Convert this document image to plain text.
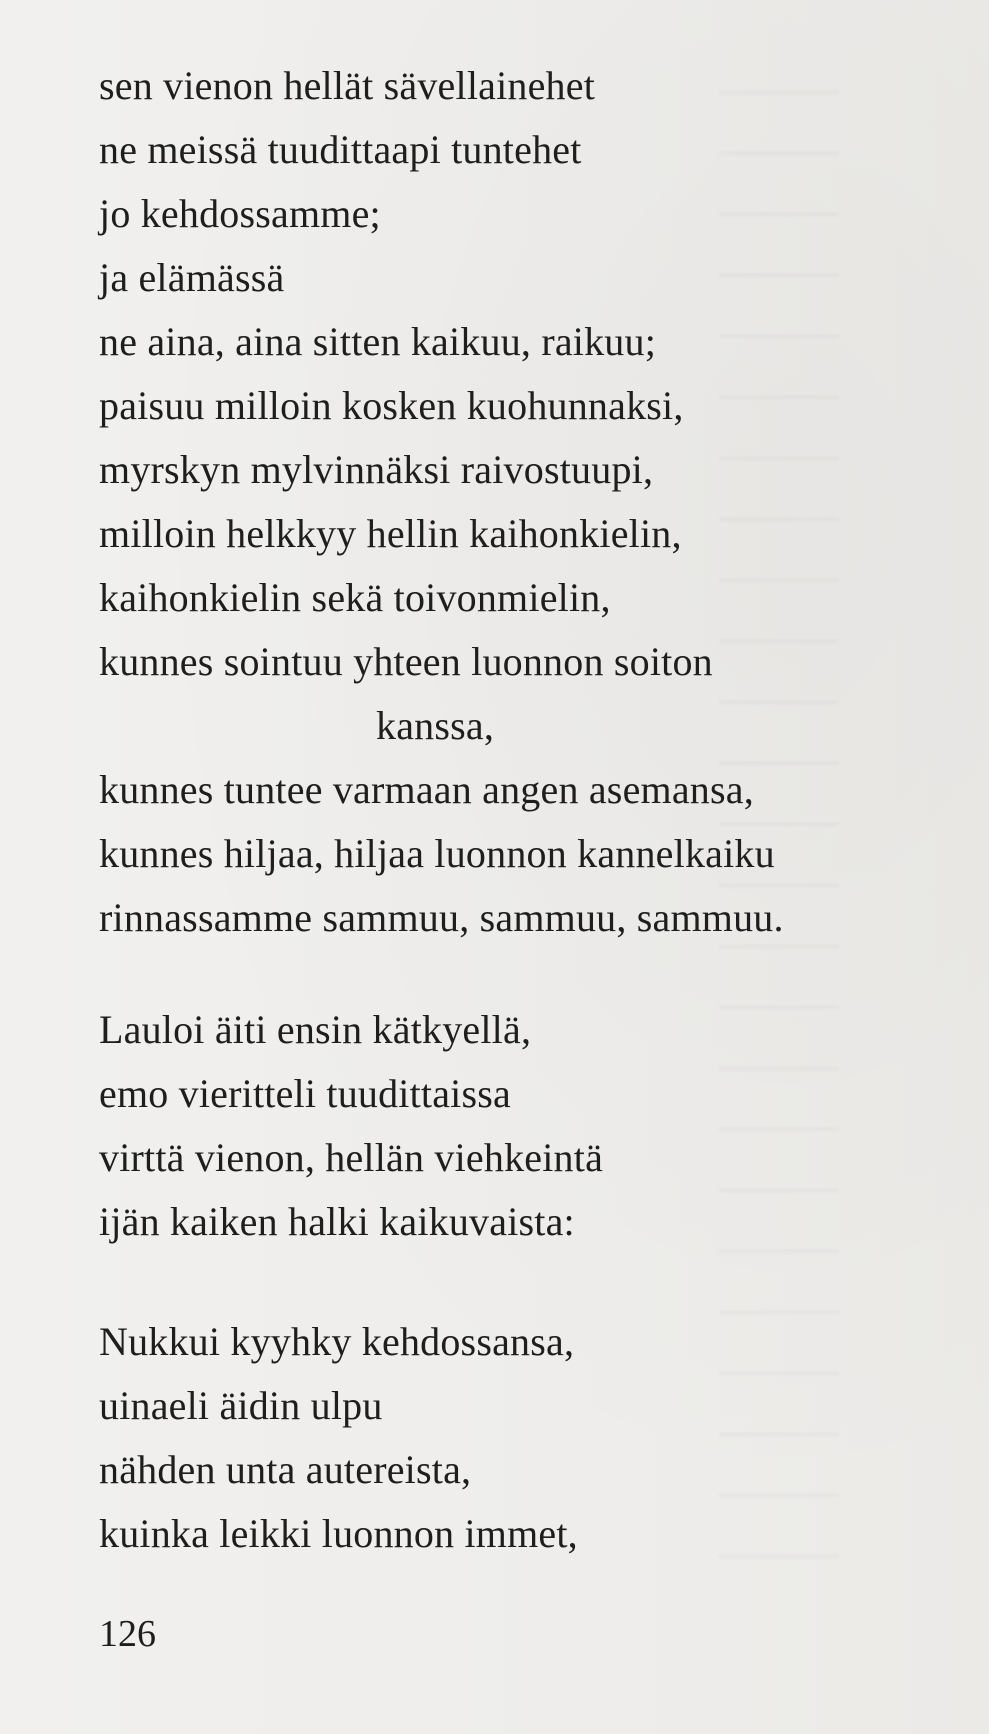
sen vienon hellät sävellainehet
ne meissä tuudittaapi tuntehet
jo kehdossamme;
ja elämässä
ne aina, aina sitten kaikuu, raikuu;
paisuu milloin kosken kuohunnaksi,
myrskyn mylvinnäksi raivostuupi,
milloin helkkyy hellin kaihonkielin,
kaihonkielin sekä toivonmielin,
kunnes sointuu yhteen luonnon soiton
kanssa,
kunnes tuntee varmaan angen asemansa,
kunnes hiljaa, hiljaa luonnon kannelkaiku
rinnassamme sammuu, sammuu, sammuu.
Lauloi äiti ensin kätkyellä,
emo vieritteli tuudittaissa
virttä vienon, hellän viehkeintä
ijän kaiken halki kaikuvaista:
Nukkui kyyhky kehdossansa,
uinaeli äidin ulpu
nähden unta autereista,
kuinka leikki luonnon immet,
126
